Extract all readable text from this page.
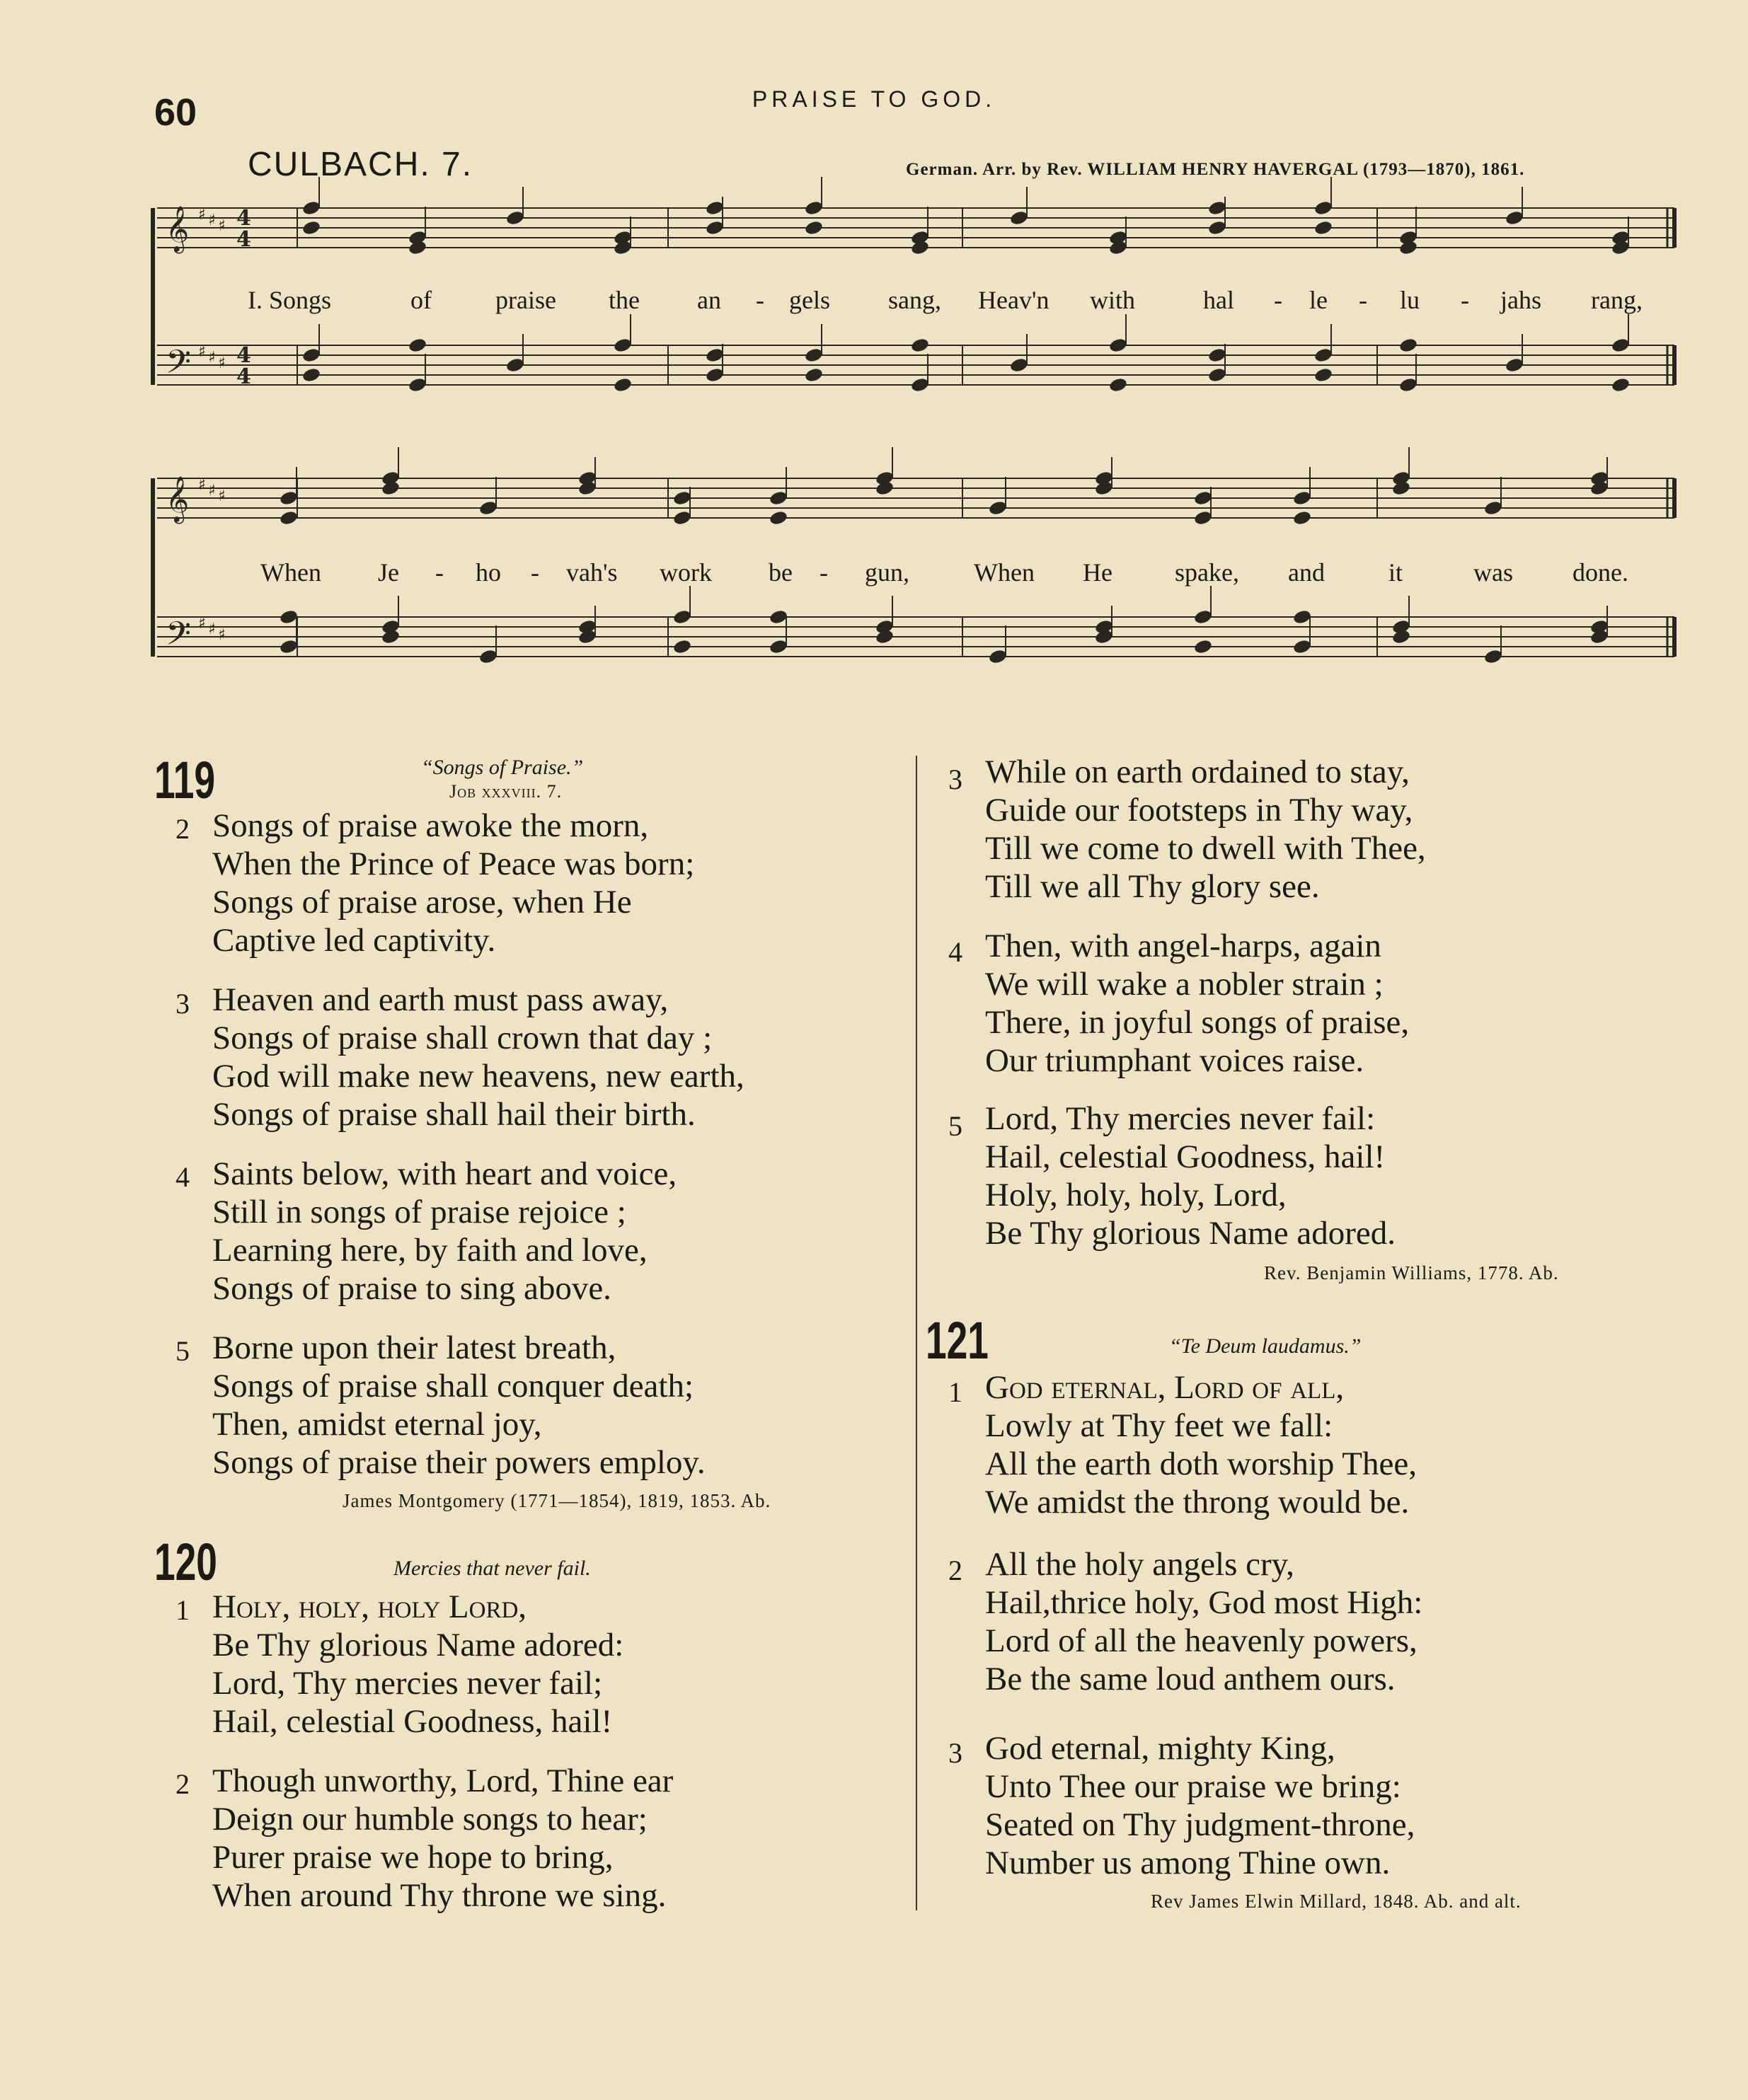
60	PRAISE TO GOD.
CULBACH. 7.	German. Arr. by Rev. WILLIAM HENRY HAVERGAL (1793—1870), 1861.
𝄞 ♯ ♯ ♯ 4
4
𝄢 ♯ ♯ ♯ 4
4
𝄞 ♯ ♯ ♯
𝄢 ♯ ♯ ♯
I. Songs	of	praise the an - gels sang, Heav'n with	hal - le - lu - jahs rang,
When Je - ho - vah's work be - gun,	When He spake, and	it	was done.
119	“Songs of Praise.”
Job xxxviii. 7.
2 Songs of praise awoke the morn,
When the Prince of Peace was born;
Songs of praise arose, when He
Captive led captivity.
3 Heaven and earth must pass away,
Songs of praise shall crown that day ;
God will make new heavens, new earth,
Songs of praise shall hail their birth.
4 Saints below, with heart and voice,
Still in songs of praise rejoice ;
Learning here, by faith and love,
Songs of praise to sing above.
5 Borne upon their latest breath,
Songs of praise shall conquer death;
Then, amidst eternal joy,
Songs of praise their powers employ.
James Montgomery (1771—1854), 1819, 1853. Ab.
120	Mercies that never fail.
1 Holy, holy, holy Lord,
Be Thy glorious Name adored:
Lord, Thy mercies never fail;
Hail, celestial Goodness, hail!
2 Though unworthy, Lord, Thine ear
Deign our humble songs to hear;
Purer praise we hope to bring,
When around Thy throne we sing.
3 While on earth ordained to stay,
Guide our footsteps in Thy way,
Till we come to dwell with Thee,
Till we all Thy glory see.
4 Then, with angel-harps, again
We will wake a nobler strain ;
There, in joyful songs of praise,
Our triumphant voices raise.
5 Lord, Thy mercies never fail:
Hail, celestial Goodness, hail!
Holy, holy, holy, Lord,
Be Thy glorious Name adored.
Rev. Benjamin Williams, 1778. Ab.
121	“Te Deum laudamus.”
1 God eternal, Lord of all,
Lowly at Thy feet we fall:
All the earth doth worship Thee,
We amidst the throng would be.
2 All the holy angels cry,
Hail,thrice holy, God most High:
Lord of all the heavenly powers,
Be the same loud anthem ours.
3 God eternal, mighty King,
Unto Thee our praise we bring:
Seated on Thy judgment-throne,
Number us among Thine own.
Rev James Elwin Millard, 1848. Ab. and alt.
